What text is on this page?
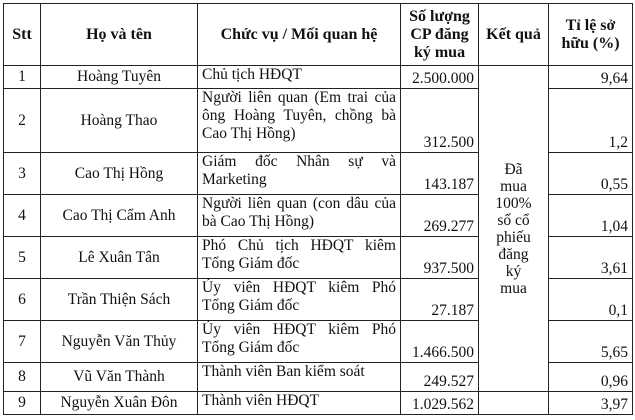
Stt	Họ và tên	Chức vụ / Mối quan hệ	Số lượng CP đăng ký mua	Kết quả	Tỉ lệ sở hữu (%)
1	Hoàng Tuyên	Chủ tịch HĐQT	2.500.000	Đã mua 100% số cổ phiếu đăng ký mua	9,64
2	Hoàng Thao	Người liên quan (Em trai của ông Hoàng Tuyên, chồng bà Cao Thị Hồng)	312.500		1,2
3	Cao Thị Hồng	Giám đốc Nhân sự và Marketing	143.187		0,55
4	Cao Thị Cẩm Anh	Người liên quan (con dâu của bà Cao Thị Hồng)	269.277		1,04
5	Lê Xuân Tân	Phó Chủ tịch HĐQT kiêm Tổng Giám đốc	937.500		3,61
6	Trần Thiện Sách	Ủy viên HĐQT kiêm Phó Tổng Giám đốc	27.187		0,1
7	Nguyễn Văn Thủy	Ủy viên HĐQT kiêm Phó Tổng Giám đốc	1.466.500		5,65
8	Vũ Văn Thành	Thành viên Ban kiểm soát	249.527		0,96
9	Nguyễn Xuân Đôn	Thành viên HĐQT	1.029.562		3,97
